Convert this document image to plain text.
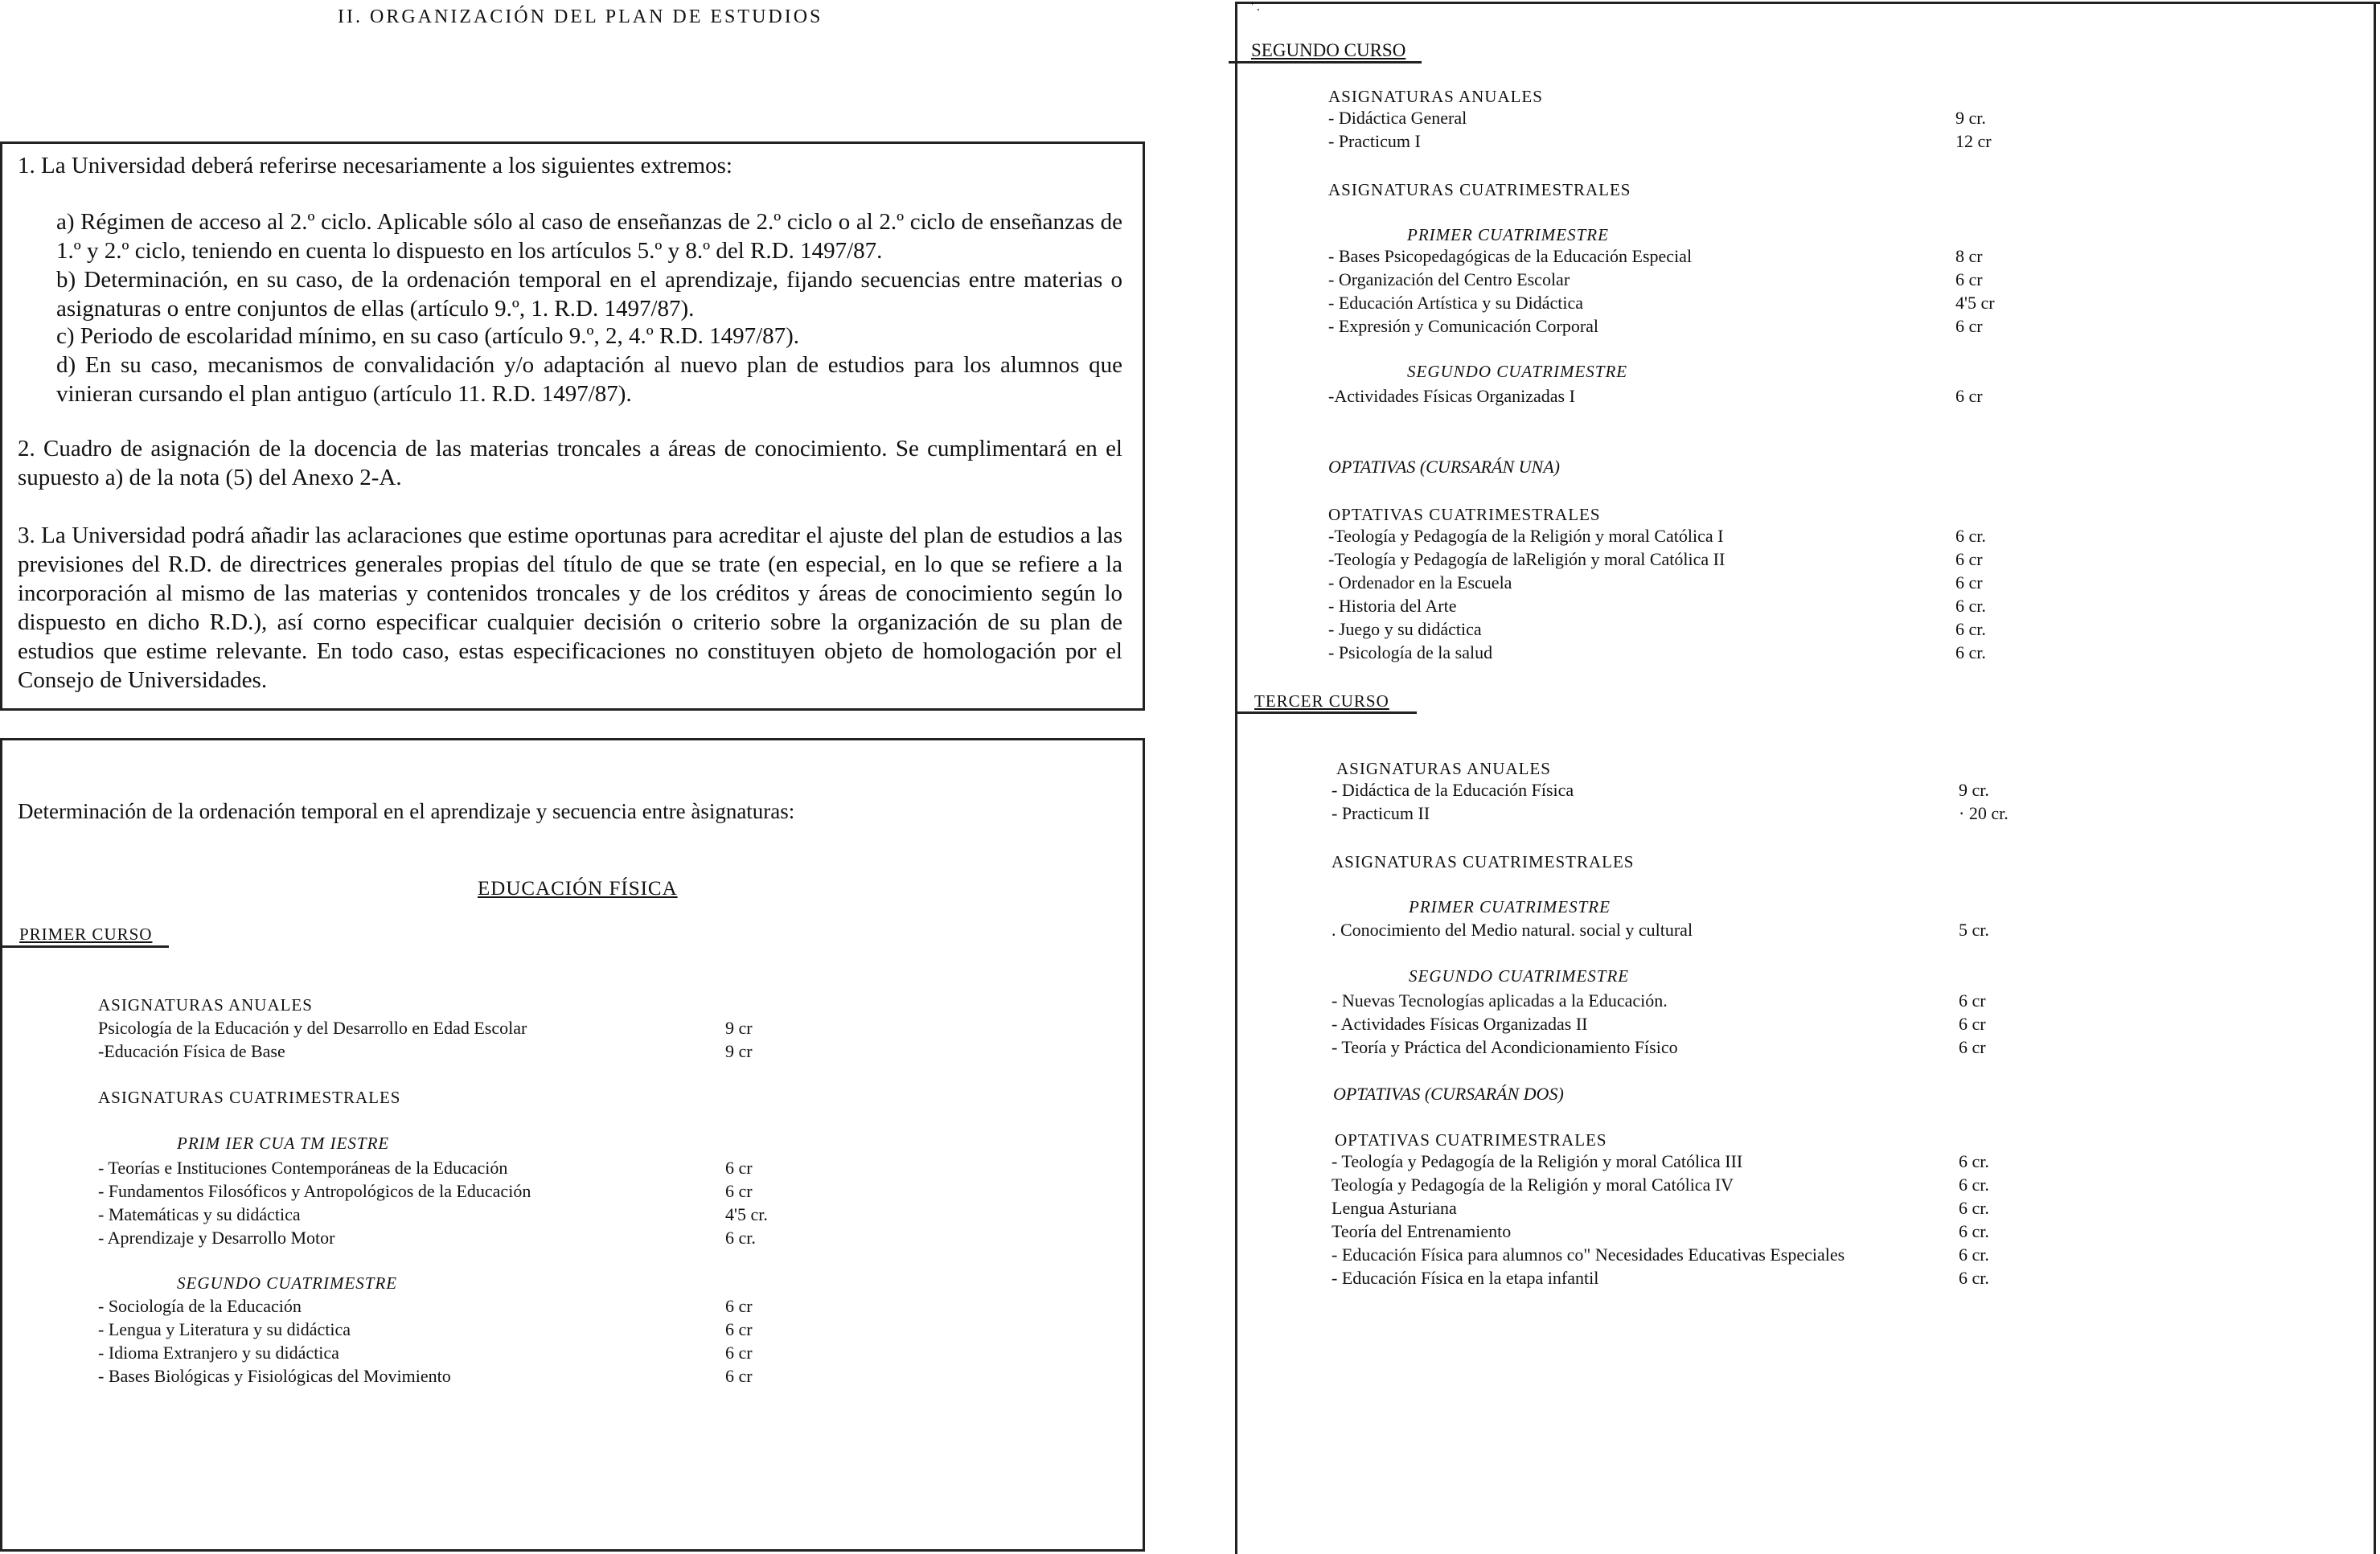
II. ORGANIZACIÓN DEL PLAN DE ESTUDIOS
1. La Universidad deberá referirse necesariamente a los siguientes extremos:
a) Régimen de acceso al 2.º ciclo. Aplicable sólo al caso de enseñanzas de 2.º ciclo o al 2.º ciclo de enseñanzas de 1.º y 2.º ciclo, teniendo en cuenta lo dispuesto en los artículos 5.º y 8.º del R.D. 1497/87.
b) Determinación, en su caso, de la ordenación temporal en el aprendizaje, fijando secuencias entre materias o asignaturas o entre conjuntos de ellas (artículo 9.º, 1. R.D. 1497/87).
c) Periodo de escolaridad mínimo, en su caso (artículo 9.º, 2, 4.º R.D. 1497/87).
d) En su caso, mecanismos de convalidación y/o adaptación al nuevo plan de estudios para los alumnos que vinieran cursando el plan antiguo (artículo 11. R.D. 1497/87).
2. Cuadro de asignación de la docencia de las materias troncales a áreas de conocimiento. Se cumplimentará en el supuesto a) de la nota (5) del Anexo 2-A.
3. La Universidad podrá añadir las aclaraciones que estime oportunas para acreditar el ajuste del plan de estudios a las previsiones del R.D. de directrices generales propias del título de que se trate (en especial, en lo que se refiere a la incorporación al mismo de las materias y contenidos troncales y de los créditos y áreas de conocimiento según lo dispuesto en dicho R.D.), así corno especificar cualquier decisión o criterio sobre la organización de su plan de estudios que estime relevante. En todo caso, estas especificaciones no constituyen objeto de homologación por el Consejo de Universidades.
Determinación de la ordenación temporal en el aprendizaje y secuencia entre àsignaturas:
EDUCACIÓN FÍSICA
PRIMER CURSO
ASIGNATURAS ANUALES
Psicología de la Educación y del Desarrollo en Edad Escolar	9 cr
-Educación Física de Base	9 cr
ASIGNATURAS CUATRIMESTRALES
PRIM IER CUA TM IESTRE
- Teorías e Instituciones Contemporáneas de la Educación	6 cr
- Fundamentos Filosóficos y Antropológicos de la Educación	6 cr
- Matemáticas y su didáctica	4'5 cr.
- Aprendizaje y Desarrollo Motor	6 cr.
SEGUNDO CUATRIMESTRE
- Sociología de la Educación	6 cr
- Lengua y Literatura y su didáctica	6 cr
- Idioma Extranjero y su didáctica	6 cr
- Bases Biológicas y Fisiológicas del Movimiento	6 cr
' .
SEGUNDO CURSO
ASIGNATURAS ANUALES
- Didáctica General	9 cr.
- Practicum I	12 cr
ASIGNATURAS CUATRIMESTRALES
PRIMER CUATRIMESTRE
- Bases Psicopedagógicas de la Educación Especial	8 cr
- Organización del Centro Escolar	6 cr
- Educación Artística y su Didáctica	4'5 cr
- Expresión y Comunicación Corporal	6 cr
SEGUNDO CUATRIMESTRE
-Actividades Físicas Organizadas I	6 cr
OPTATIVAS (CURSARÁN UNA)
OPTATIVAS CUATRIMESTRALES
-Teología y Pedagogía de la Religión y moral Católica I	6 cr.
-Teología y Pedagogía de laReligión y moral Católica II	6 cr
- Ordenador en la Escuela	6 cr
- Historia del Arte	6 cr.
- Juego y su didáctica	6 cr.
- Psicología de la salud	6 cr.
TERCER CURSO
ASIGNATURAS ANUALES
- Didáctica de la Educación Física	9 cr.
- Practicum II	· 20 cr.
ASIGNATURAS CUATRIMESTRALES
PRIMER CUATRIMESTRE
. Conocimiento del Medio natural. social y cultural	5 cr.
SEGUNDO CUATRIMESTRE
- Nuevas Tecnologías aplicadas a la Educación.	6 cr
- Actividades Físicas Organizadas II	6 cr
- Teoría y Práctica del Acondicionamiento Físico	6 cr
OPTATIVAS (CURSARÁN DOS)
OPTATIVAS CUATRIMESTRALES
- Teología y Pedagogía de la Religión y moral Católica III	6 cr.
Teología y Pedagogía de la Religión y moral Católica IV	6 cr.
Lengua Asturiana	6 cr.
Teoría del Entrenamiento	6 cr.
- Educación Física para alumnos co" Necesidades Educativas Especiales	6 cr.
- Educación Física en la etapa infantil	6 cr.
